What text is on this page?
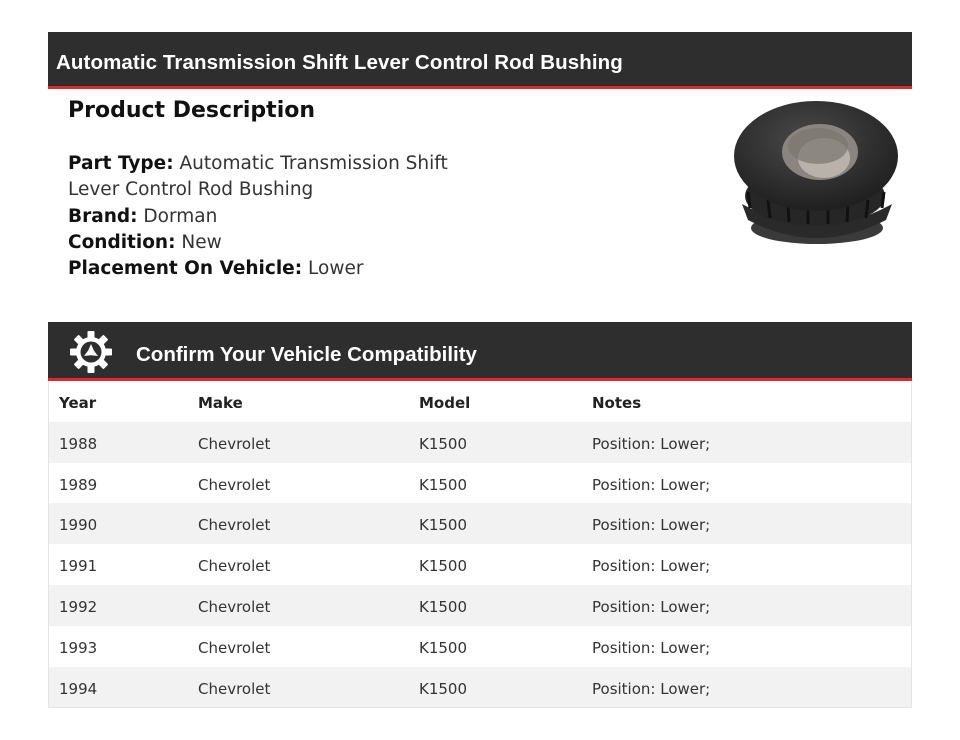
Automatic Transmission Shift Lever Control Rod Bushing
Product Description
Part Type: Automatic Transmission Shift Lever Control Rod Bushing
Brand: Dorman
Condition: New
Placement On Vehicle: Lower
Confirm Your Vehicle Compatibility
Year	Make	Model	Notes
1988	Chevrolet	K1500	Position: Lower;
1989	Chevrolet	K1500	Position: Lower;
1990	Chevrolet	K1500	Position: Lower;
1991	Chevrolet	K1500	Position: Lower;
1992	Chevrolet	K1500	Position: Lower;
1993	Chevrolet	K1500	Position: Lower;
1994	Chevrolet	K1500	Position: Lower;
